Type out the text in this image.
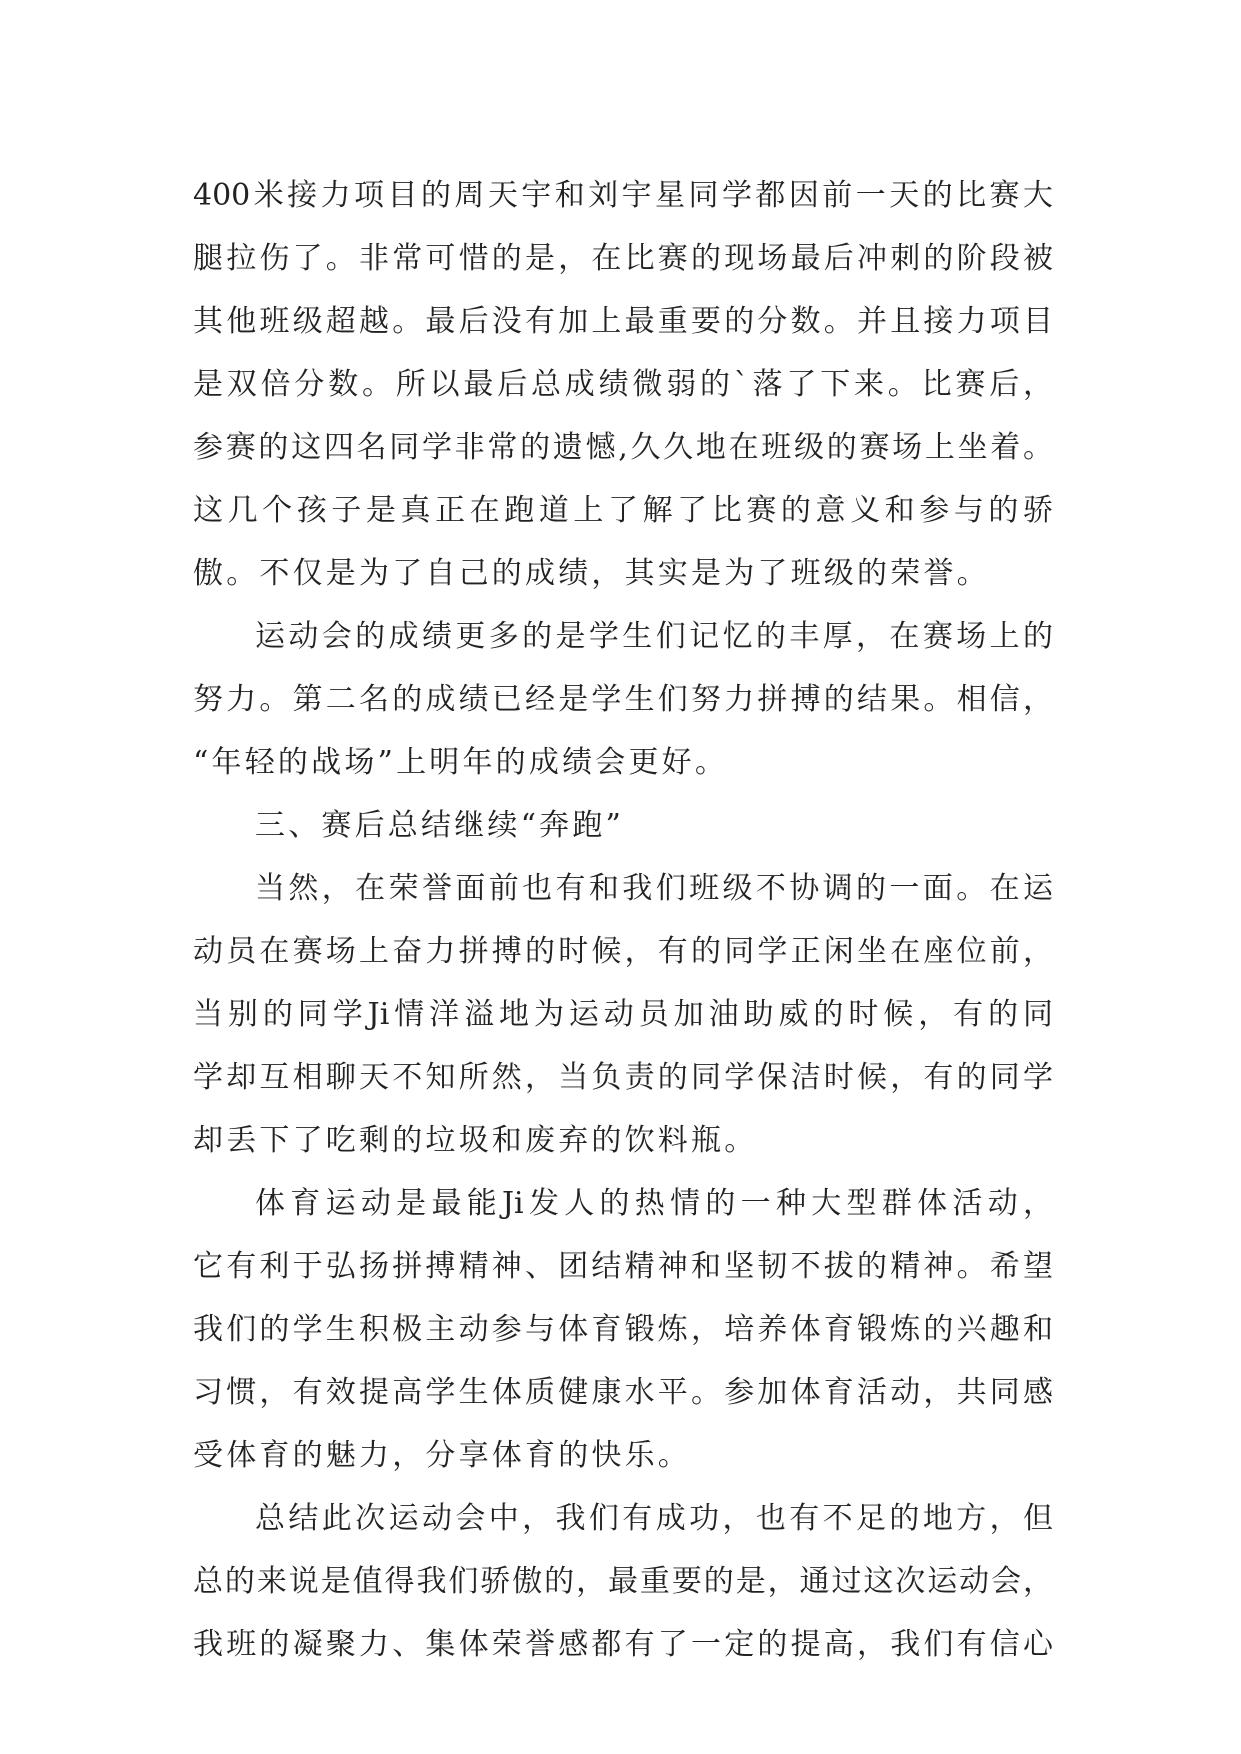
400米接力项目的周天宇和刘宇星同学都因前一天的比赛大
腿拉伤了。非常可惜的是，在比赛的现场最后冲刺的阶段被
其他班级超越。最后没有加上最重要的分数。并且接力项目
是双倍分数。所以最后总成绩微弱的`落了下来。比赛后，
参赛的这四名同学非常的遗憾,久久地在班级的赛场上坐着。
这几个孩子是真正在跑道上了解了比赛的意义和参与的骄
傲。不仅是为了自己的成绩，其实是为了班级的荣誉。
运动会的成绩更多的是学生们记忆的丰厚，在赛场上的
努力。第二名的成绩已经是学生们努力拼搏的结果。相信，
“年轻的战场”上明年的成绩会更好。
三、赛后总结继续“奔跑”
当然，在荣誉面前也有和我们班级不协调的一面。在运
动员在赛场上奋力拼搏的时候，有的同学正闲坐在座位前，
当别的同学Ji情洋溢地为运动员加油助威的时候，有的同
学却互相聊天不知所然，当负责的同学保洁时候，有的同学
却丢下了吃剩的垃圾和废弃的饮料瓶。
体育运动是最能Ji发人的热情的一种大型群体活动，
它有利于弘扬拼搏精神、团结精神和坚韧不拔的精神。希望
我们的学生积极主动参与体育锻炼，培养体育锻炼的兴趣和
习惯，有效提高学生体质健康水平。参加体育活动，共同感
受体育的魅力，分享体育的快乐。
总结此次运动会中，我们有成功，也有不足的地方，但
总的来说是值得我们骄傲的，最重要的是，通过这次运动会，
我班的凝聚力、集体荣誉感都有了一定的提高，我们有信心
